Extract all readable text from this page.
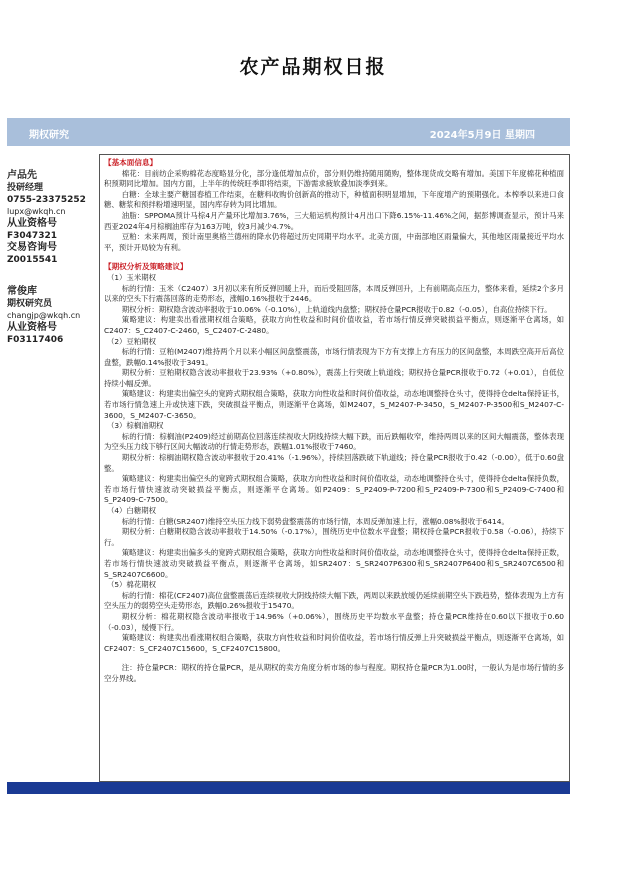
农产品期权日报
期权研究	2024年5月9日 星期四
卢品先
投研经理
0755-23375252
lupx@wkqh.cn
从业资格号
F3047321
交易咨询号
Z0015541
常俊库
期权研究员
changjp@wkqh.cn
从业资格号
F03117406

【基本面信息】

棉花：目前纺企采购棉花态度略显分化，部分逢低增加点价，部分则仍维持随用随购，整体现货成交略有增加。美国下年度棉花种植面积预期同比增加。国内方面，上半年的传统旺季即将结束，下游需求疲软叠加淡季到来。

白糖：全球主要产糖国春植工作结束，在糖料收购价创新高的推动下，种植面积明显增加，下年度增产的预期强化。本榨季以来进口食糖、糖浆和预拌粉增速明显，国内库存转为同比增加。

油脂：SPPOMA预计马棕4月产量环比增加3.76%，三大船运机构预计4月出口下降6.15%-11.46%之间，据彭博调查显示，预计马来西亚2024年4月棕榈油库存为163万吨，较3月减少4.7%。

豆粕：未来两周，预计南里奥格兰德州的降水仍将超过历史同期平均水平。北美方面，中南部地区雨量偏大，其他地区雨量接近平均水平，预计开局较为有利。

【期权分析及策略建议】

（1）玉米期权

标的行情：玉米（C2407）3月初以来有所反弹回暖上升，而后受阻回落，本周反弹回升，上有前期高点压力，整体来看，延续2个多月以来的空头下行震荡回落的走势形态，涨幅0.16%报收于2446。

期权分析：期权隐含波动率报收于10.06%（-0.10%），上轨道线内盘整；期权持仓量PCR报收于0.82（-0.05），自高位持续下行。

策略建议：构建卖出看涨期权组合策略，获取方向性收益和时间价值收益，若市场行情反弹突破损益平衡点，则逐渐平仓离场，如C2407：S_C2407-C-2460，S_C2407-C-2480。

（2）豆粕期权

标的行情：豆粕(M2407)维持两个月以来小幅区间盘整震荡，市场行情表现为下方有支撑上方有压力的区间盘整，本周跌空高开后高位盘整，跌幅0.14%报收于3491。

期权分析：豆粕期权隐含波动率报收于23.93%（+0.80%），震荡上行突破上轨道线；期权持仓量PCR报收于0.72（+0.01），自低位持续小幅反弹。

策略建议：构建卖出偏空头的宽跨式期权组合策略，获取方向性收益和时间价值收益，动态地调整持仓头寸，使得持仓delta保持证书，若市场行情急速上升或快速下跌，突破损益平衡点，则逐渐平仓离场，如M2407，S_M2407-P-3450，S_M2407-P-3500和S_M2407-C-3600，S_M2407-C-3650。

（3）棕榈油期权

标的行情：棕榈油(P2409)经过前期高位回落连续视收大阴线持续大幅下跌，而后跌幅收窄，维持两周以来的区间大幅震荡，整体表现为空头压力线下够行区间大幅波动的行情走势形态，跌幅1.01%报收于7460。

期权分析：棕榈油期权隐含波动率报收于20.41%（-1.96%），持续回落跌破下轨道线；持仓量PCR报收于0.42（-0.00），低于0.60盘整。

策略建议：构建卖出偏空头的宽跨式期权组合策略，获取方向性收益和时间价值收益，动态地调整持仓头寸，使得持仓delta保持负数，若市场行情快速波动突破损益平衡点，则逐渐平仓离场。如P2409：S_P2409-P-7200和S_P2409-P-7300和S_P2409-C-7400和S_P2409-C-7500。

（4）白糖期权

标的行情：白糖(SR2407)维持空头压力线下弱势盘整震荡的市场行情，本周反弹加速上行，涨幅0.08%报收于6414。

期权分析：白糖期权隐含波动率报收于14.50%（-0.17%），围绕历史中位数水平盘整；期权持仓量PCR报收于0.58（-0.06），持续下行。

策略建议：构建卖出偏多头的宽跨式期权组合策略，获取方向性收益和时间价值收益，动态地调整持仓头寸，使得持仓delta保持正数，若市场行情快速波动突破损益平衡点，则逐渐平仓离场，如SR2407：S_SR2407P6300和S_SR2407P6400和S_SR2407C6500和S_SR2407C6600。

（5）棉花期权

标的行情：棉花(CF2407)高位盘整震荡后连续视收大阴线持续大幅下跌，两周以来跌放缓仍延续前期空头下跌趋势，整体表现为上方有空头压力的弱势空头走势形态，跌幅0.26%报收于15470。

期权分析：棉花期权隐含波动率报收于14.96%（+0.06%），围绕历史平均数水平盘整；持仓量PCR维持在0.60以下报收于0.60（-0.03），缓慢下行。

策略建议：构建卖出看涨期权组合策略，获取方向性收益和时间价值收益，若市场行情反弹上升突破损益平衡点，则逐渐平仓离场，如CF2407：S_CF2407C15600，S_CF2407C15800。

注：持仓量PCR：期权的持仓量PCR，是从期权的卖方角度分析市场的参与程度。期权持仓量PCR为1.00时，一般认为是市场行情的多空分界线。
